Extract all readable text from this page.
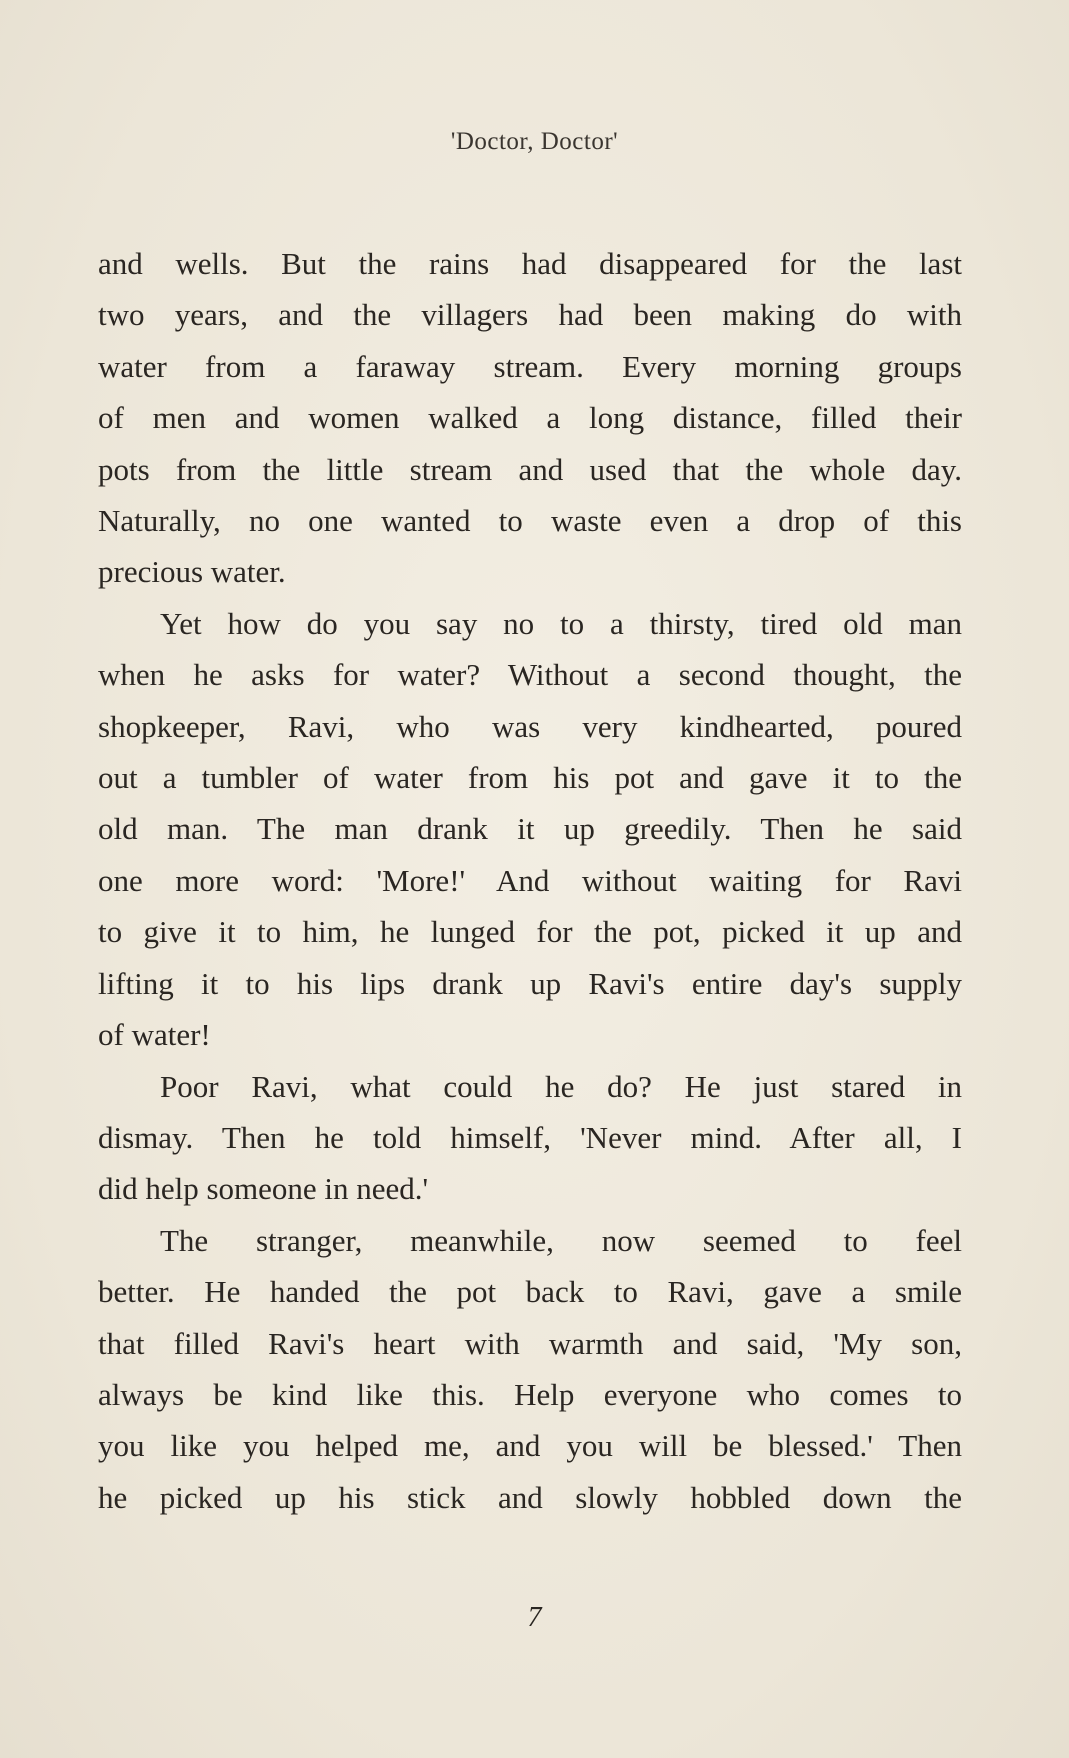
'Doctor, Doctor'

and wells. But the rains had disappeared for the last

two years, and the villagers had been making do with

water from a faraway stream. Every morning groups

of men and women walked a long distance, filled their

pots from the little stream and used that the whole day.

Naturally, no one wanted to waste even a drop of this

precious water.

Yet how do you say no to a thirsty, tired old man

when he asks for water? Without a second thought, the

shopkeeper, Ravi, who was very kindhearted, poured

out a tumbler of water from his pot and gave it to the

old man. The man drank it up greedily. Then he said

one more word: 'More!' And without waiting for Ravi

to give it to him, he lunged for the pot, picked it up and

lifting it to his lips drank up Ravi's entire day's supply

of water!

Poor Ravi, what could he do? He just stared in

dismay. Then he told himself, 'Never mind. After all, I

did help someone in need.'

The stranger, meanwhile, now seemed to feel

better. He handed the pot back to Ravi, gave a smile

that filled Ravi's heart with warmth and said, 'My son,

always be kind like this. Help everyone who comes to

you like you helped me, and you will be blessed.' Then

he picked up his stick and slowly hobbled down the

7
